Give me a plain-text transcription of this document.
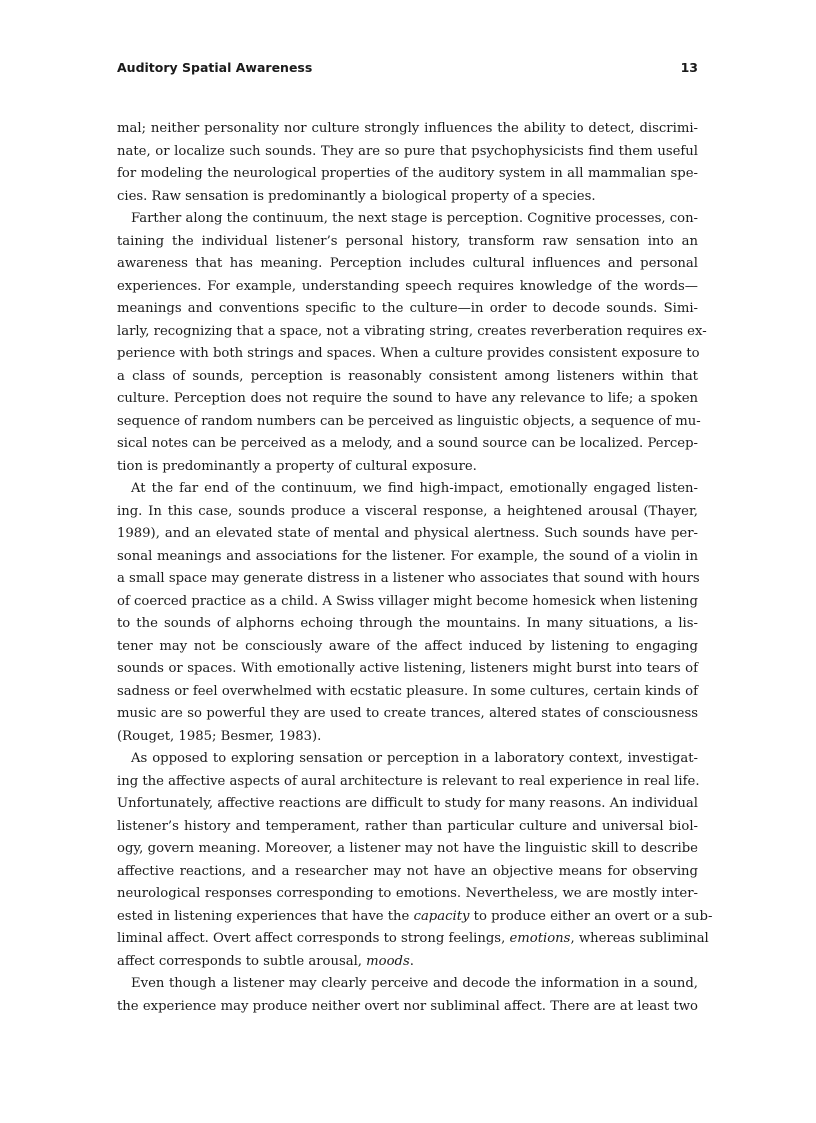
Auditory Spatial Awareness	13
mal; neither personality nor culture strongly influences the ability to detect, discrimi-
nate, or localize such sounds. They are so pure that psychophysicists find them useful
for modeling the neurological properties of the auditory system in all mammalian spe-
cies. Raw sensation is predominantly a biological property of a species.
Farther along the continuum, the next stage is perception. Cognitive processes, con-
taining the individual listener’s personal history, transform raw sensation into an
awareness that has meaning. Perception includes cultural influences and personal
experiences. For example, understanding speech requires knowledge of the words—
meanings and conventions specific to the culture—in order to decode sounds. Simi-
larly, recognizing that a space, not a vibrating string, creates reverberation requires ex-
perience with both strings and spaces. When a culture provides consistent exposure to
a class of sounds, perception is reasonably consistent among listeners within that
culture. Perception does not require the sound to have any relevance to life; a spoken
sequence of random numbers can be perceived as linguistic objects, a sequence of mu-
sical notes can be perceived as a melody, and a sound source can be localized. Percep-
tion is predominantly a property of cultural exposure.
At the far end of the continuum, we find high-impact, emotionally engaged listen-
ing. In this case, sounds produce a visceral response, a heightened arousal (Thayer,
1989), and an elevated state of mental and physical alertness. Such sounds have per-
sonal meanings and associations for the listener. For example, the sound of a violin in
a small space may generate distress in a listener who associates that sound with hours
of coerced practice as a child. A Swiss villager might become homesick when listening
to the sounds of alphorns echoing through the mountains. In many situations, a lis-
tener may not be consciously aware of the affect induced by listening to engaging
sounds or spaces. With emotionally active listening, listeners might burst into tears of
sadness or feel overwhelmed with ecstatic pleasure. In some cultures, certain kinds of
music are so powerful they are used to create trances, altered states of consciousness
(Rouget, 1985; Besmer, 1983).
As opposed to exploring sensation or perception in a laboratory context, investigat-
ing the affective aspects of aural architecture is relevant to real experience in real life.
Unfortunately, affective reactions are difficult to study for many reasons. An individual
listener’s history and temperament, rather than particular culture and universal biol-
ogy, govern meaning. Moreover, a listener may not have the linguistic skill to describe
affective reactions, and a researcher may not have an objective means for observing
neurological responses corresponding to emotions. Nevertheless, we are mostly inter-
ested in listening experiences that have the capacity to produce either an overt or a sub-
liminal affect. Overt affect corresponds to strong feelings, emotions, whereas subliminal
affect corresponds to subtle arousal, moods.
Even though a listener may clearly perceive and decode the information in a sound,
the experience may produce neither overt nor subliminal affect. There are at least two
